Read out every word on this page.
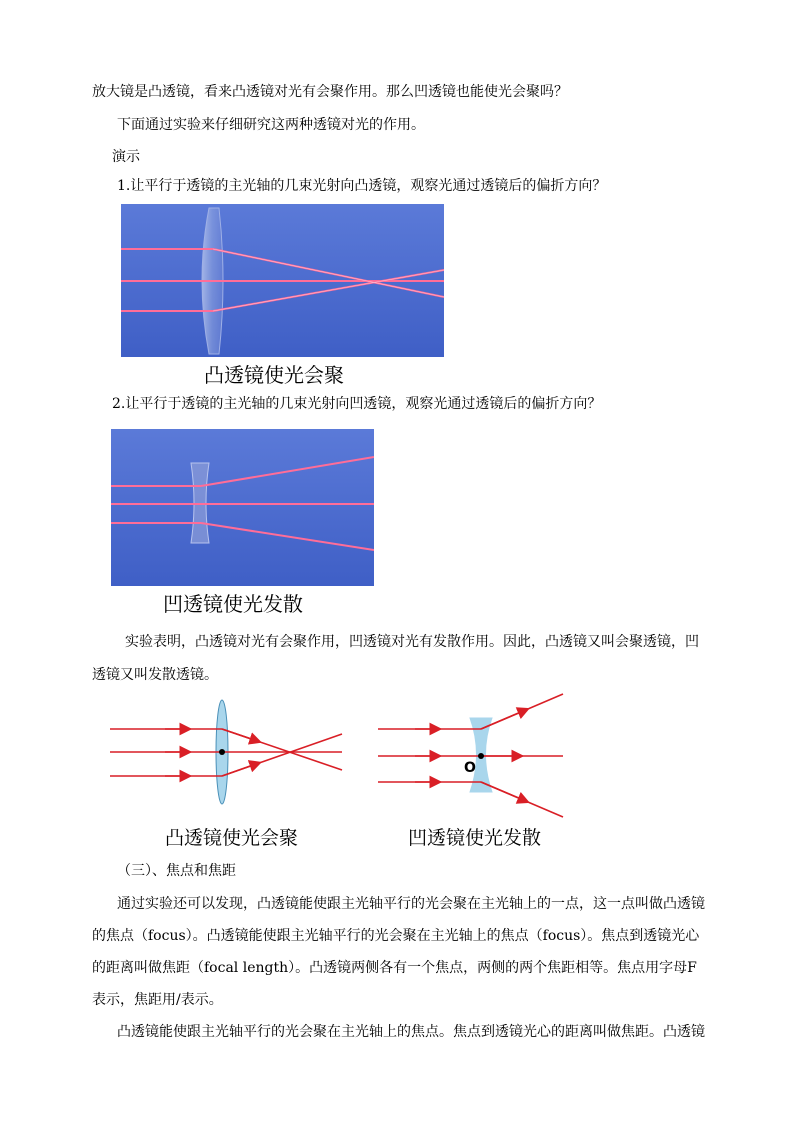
放大镜是凸透镜，看来凸透镜对光有会聚作用。那么凹透镜也能使光会聚吗？
下面通过实验来仔细研究这两种透镜对光的作用。
演示
1.让平行于透镜的主光轴的几束光射向凸透镜，观察光通过透镜后的偏折方向？
凸透镜使光会聚
2.让平行于透镜的主光轴的几束光射向凹透镜，观察光通过透镜后的偏折方向？
凹透镜使光发散
实验表明，凸透镜对光有会聚作用，凹透镜对光有发散作用。因此，凸透镜又叫会聚透镜，凹
透镜又叫发散透镜。
O
凸透镜使光会聚	凹透镜使光发散
（三）、焦点和焦距
通过实验还可以发现，凸透镜能使跟主光轴平行的光会聚在主光轴上的一点，这一点叫做凸透镜
的焦点（focus）。凸透镜能使跟主光轴平行的光会聚在主光轴上的焦点（focus）。焦点到透镜光心
的距离叫做焦距（focal length）。凸透镜两侧各有一个焦点，两侧的两个焦距相等。焦点用字母F
表示，焦距用/表示。
凸透镜能使跟主光轴平行的光会聚在主光轴上的焦点。焦点到透镜光心的距离叫做焦距。凸透镜
